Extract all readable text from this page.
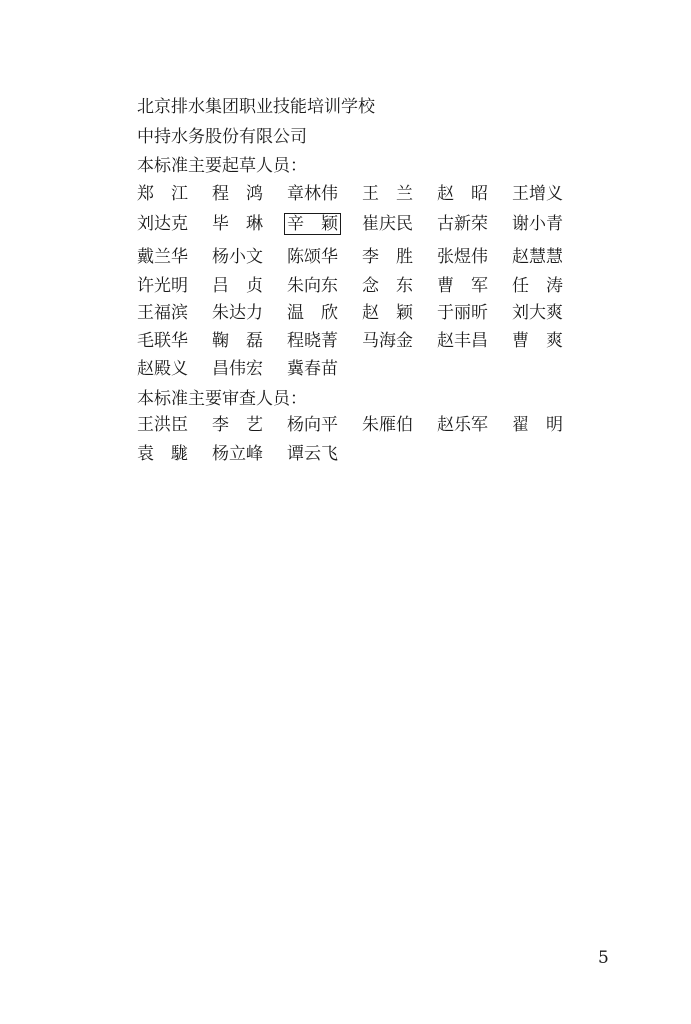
北京排水集团职业技能培训学校
中持水务股份有限公司
本标准主要起草人员：
郑　江 程　鸿 章林伟 王　兰 赵　昭 王增义
刘达克 毕　琳 辛　颖 崔庆民 古新荣 谢小青
戴兰华 杨小文 陈颂华 李　胜 张煜伟 赵慧慧
许光明 吕　贞 朱向东 念　东 曹　军 任　涛
王福滨 朱达力 温　欣 赵　颖 于丽昕 刘大爽
毛联华 鞠　磊 程晓菁 马海金 赵丰昌 曹　爽
赵殿义 昌伟宏 冀春苗
本标准主要审查人员：
王洪臣 李　艺 杨向平 朱雁伯 赵乐军 翟　明
袁　駹 杨立峰 谭云飞
5
